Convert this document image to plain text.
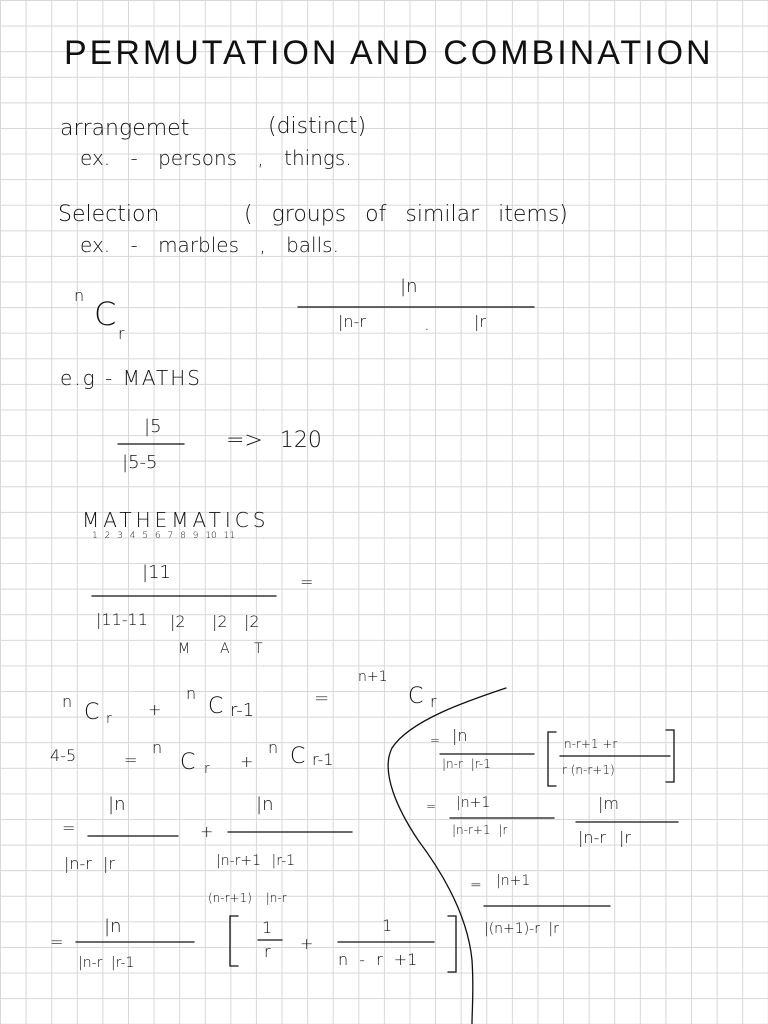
PERMUTATION AND COMBINATION
arrangemet	(distinct)
ex. - persons , things.
Selection	( groups of similar items)
ex. - marbles , balls.
n C
r
|n
|n-r	.	|r
e.g - MATHS
|5
|5-5
=> 120
MATHEMATICS
1 2 3 4 5 6 7 8 9 10 11
|11	=
|11-11 |2 |2 |2
M A T
n C r +
n
C r-1
=
n+1
C r
4-5	=
n
C r +
n C r-1
=
|n
|n-r |r
+
|n
|n-r+1 |r-1
(n-r+1) |n-r
=
|n
|n-r |r-1
1
r +
1
n - r +1
= |n
|n-r |r-1
n-r+1 +r
r (n-r+1)
= |n+1
|n-r+1 |r
|m
|n-r |r
= |n+1
|(n+1)-r |r
